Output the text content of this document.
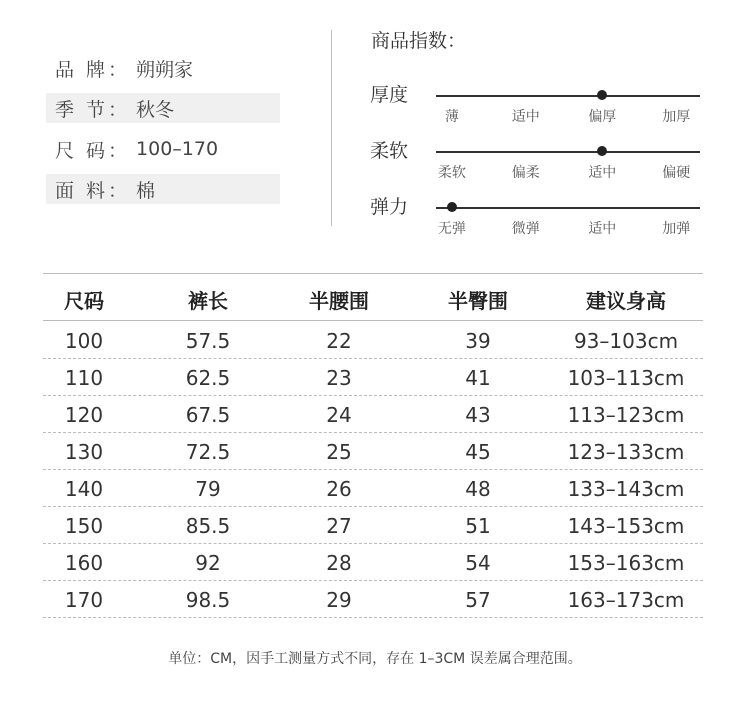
品 牌： 朔朔家
季 节： 秋冬
尺 码： 100–170
面 料： 棉
商品指数：
厚度
薄	适中	偏厚	加厚
柔软
柔软	偏柔	适中	偏硬
弹力
无弹	微弹	适中	加弹
尺码	裤长	半腰围	半臀围	建议身高
100	57.5	22	39	93–103cm
110	62.5	23	41	103–113cm
120	67.5	24	43	113–123cm
130	72.5	25	45	123–133cm
140	79	26	48	133–143cm
150	85.5	27	51	143–153cm
160	92	28	54	153–163cm
170	98.5	29	57	163–173cm
单位：CM，因手工测量方式不同，存在 1–3CM 误差属合理范围。
